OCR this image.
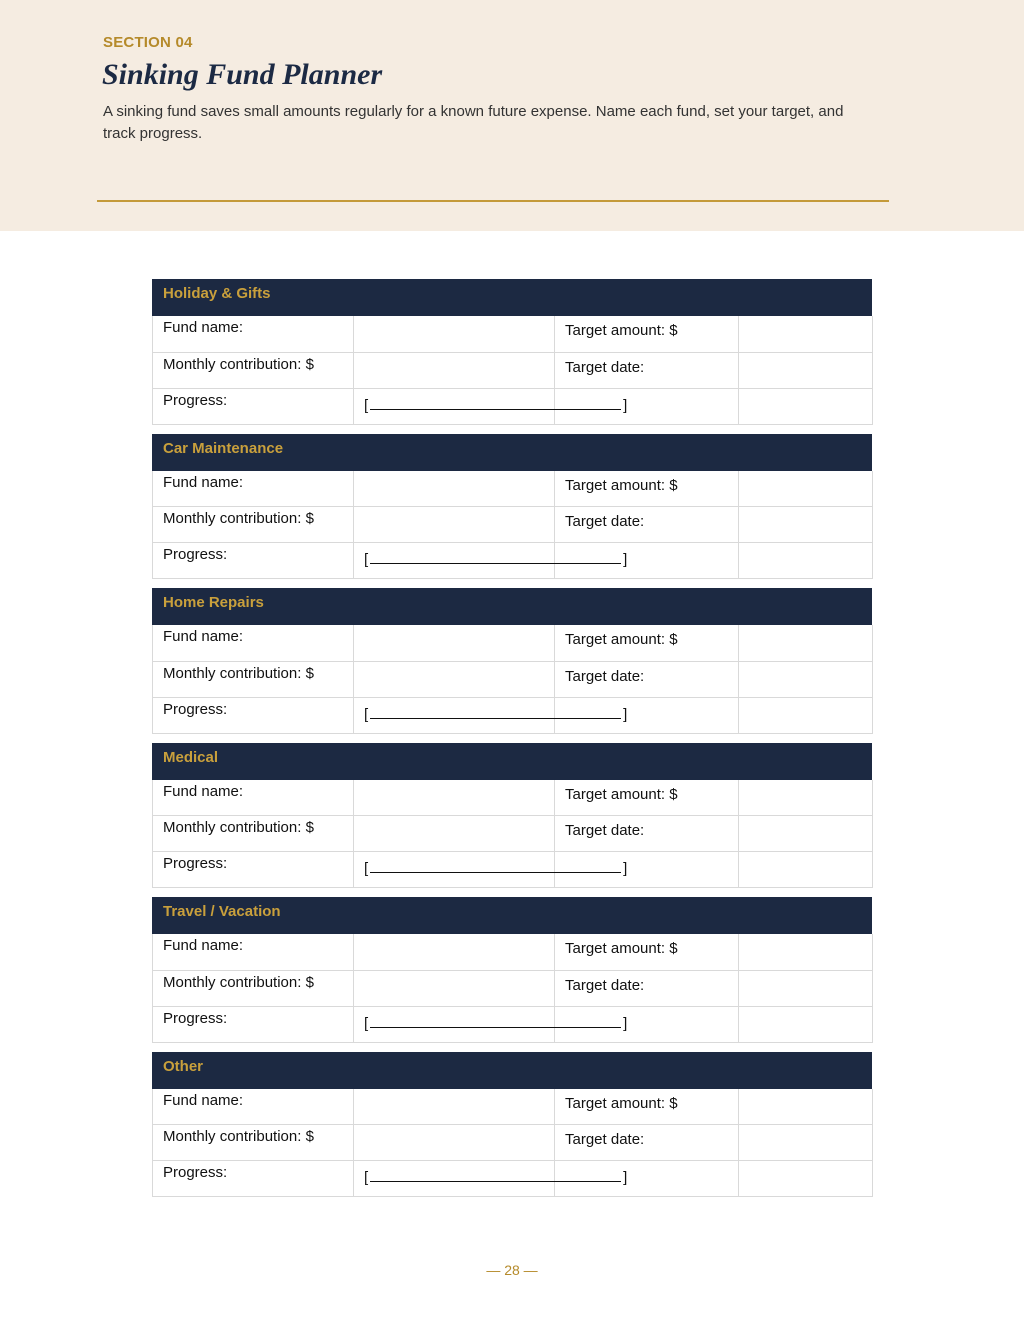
SECTION 04
Sinking Fund Planner

A sinking fund saves small amounts regularly for a known future expense. Name each fund, set your target, and track progress.

Holiday & Gifts
Fund name:		Target amount: $	
Monthly contribution: $		Target date:	
Progress:	[ ]		
Car Maintenance
Fund name:		Target amount: $	
Monthly contribution: $		Target date:	
Progress:	[ ]		
Home Repairs
Fund name:		Target amount: $	
Monthly contribution: $		Target date:	
Progress:	[ ]		
Medical
Fund name:		Target amount: $	
Monthly contribution: $		Target date:	
Progress:	[ ]		
Travel / Vacation
Fund name:		Target amount: $	
Monthly contribution: $		Target date:	
Progress:	[ ]		
Other
Fund name:		Target amount: $	
Monthly contribution: $		Target date:	
Progress:	[ ]		
— 28 —
